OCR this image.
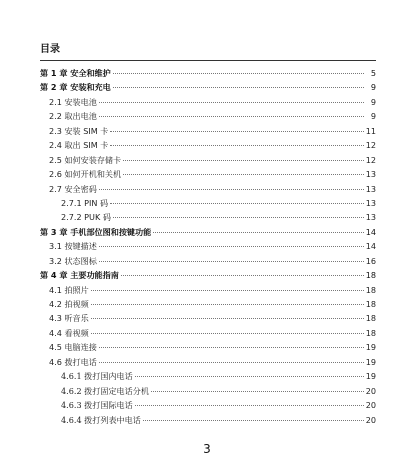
目录
第 1 章 安全和维护	5
第 2 章 安装和充电	9
2.1 安装电池	9
2.2 取出电池	9
2.3 安装 SIM 卡	11
2.4 取出 SIM 卡	12
2.5 如何安装存储卡	12
2.6 如何开机和关机	13
2.7 安全密码	13
2.7.1 PIN 码	13
2.7.2 PUK 码	13
第 3 章 手机部位图和按键功能	14
3.1 按键描述	14
3.2 状态图标	16
第 4 章 主要功能指南	18
4.1 拍照片	18
4.2 拍视频	18
4.3 听音乐	18
4.4 看视频	18
4.5 电脑连接	19
4.6 拨打电话	19
4.6.1 拨打国内电话	19
4.6.2 拨打固定电话分机	20
4.6.3 拨打国际电话	20
4.6.4 拨打列表中电话	20
3
